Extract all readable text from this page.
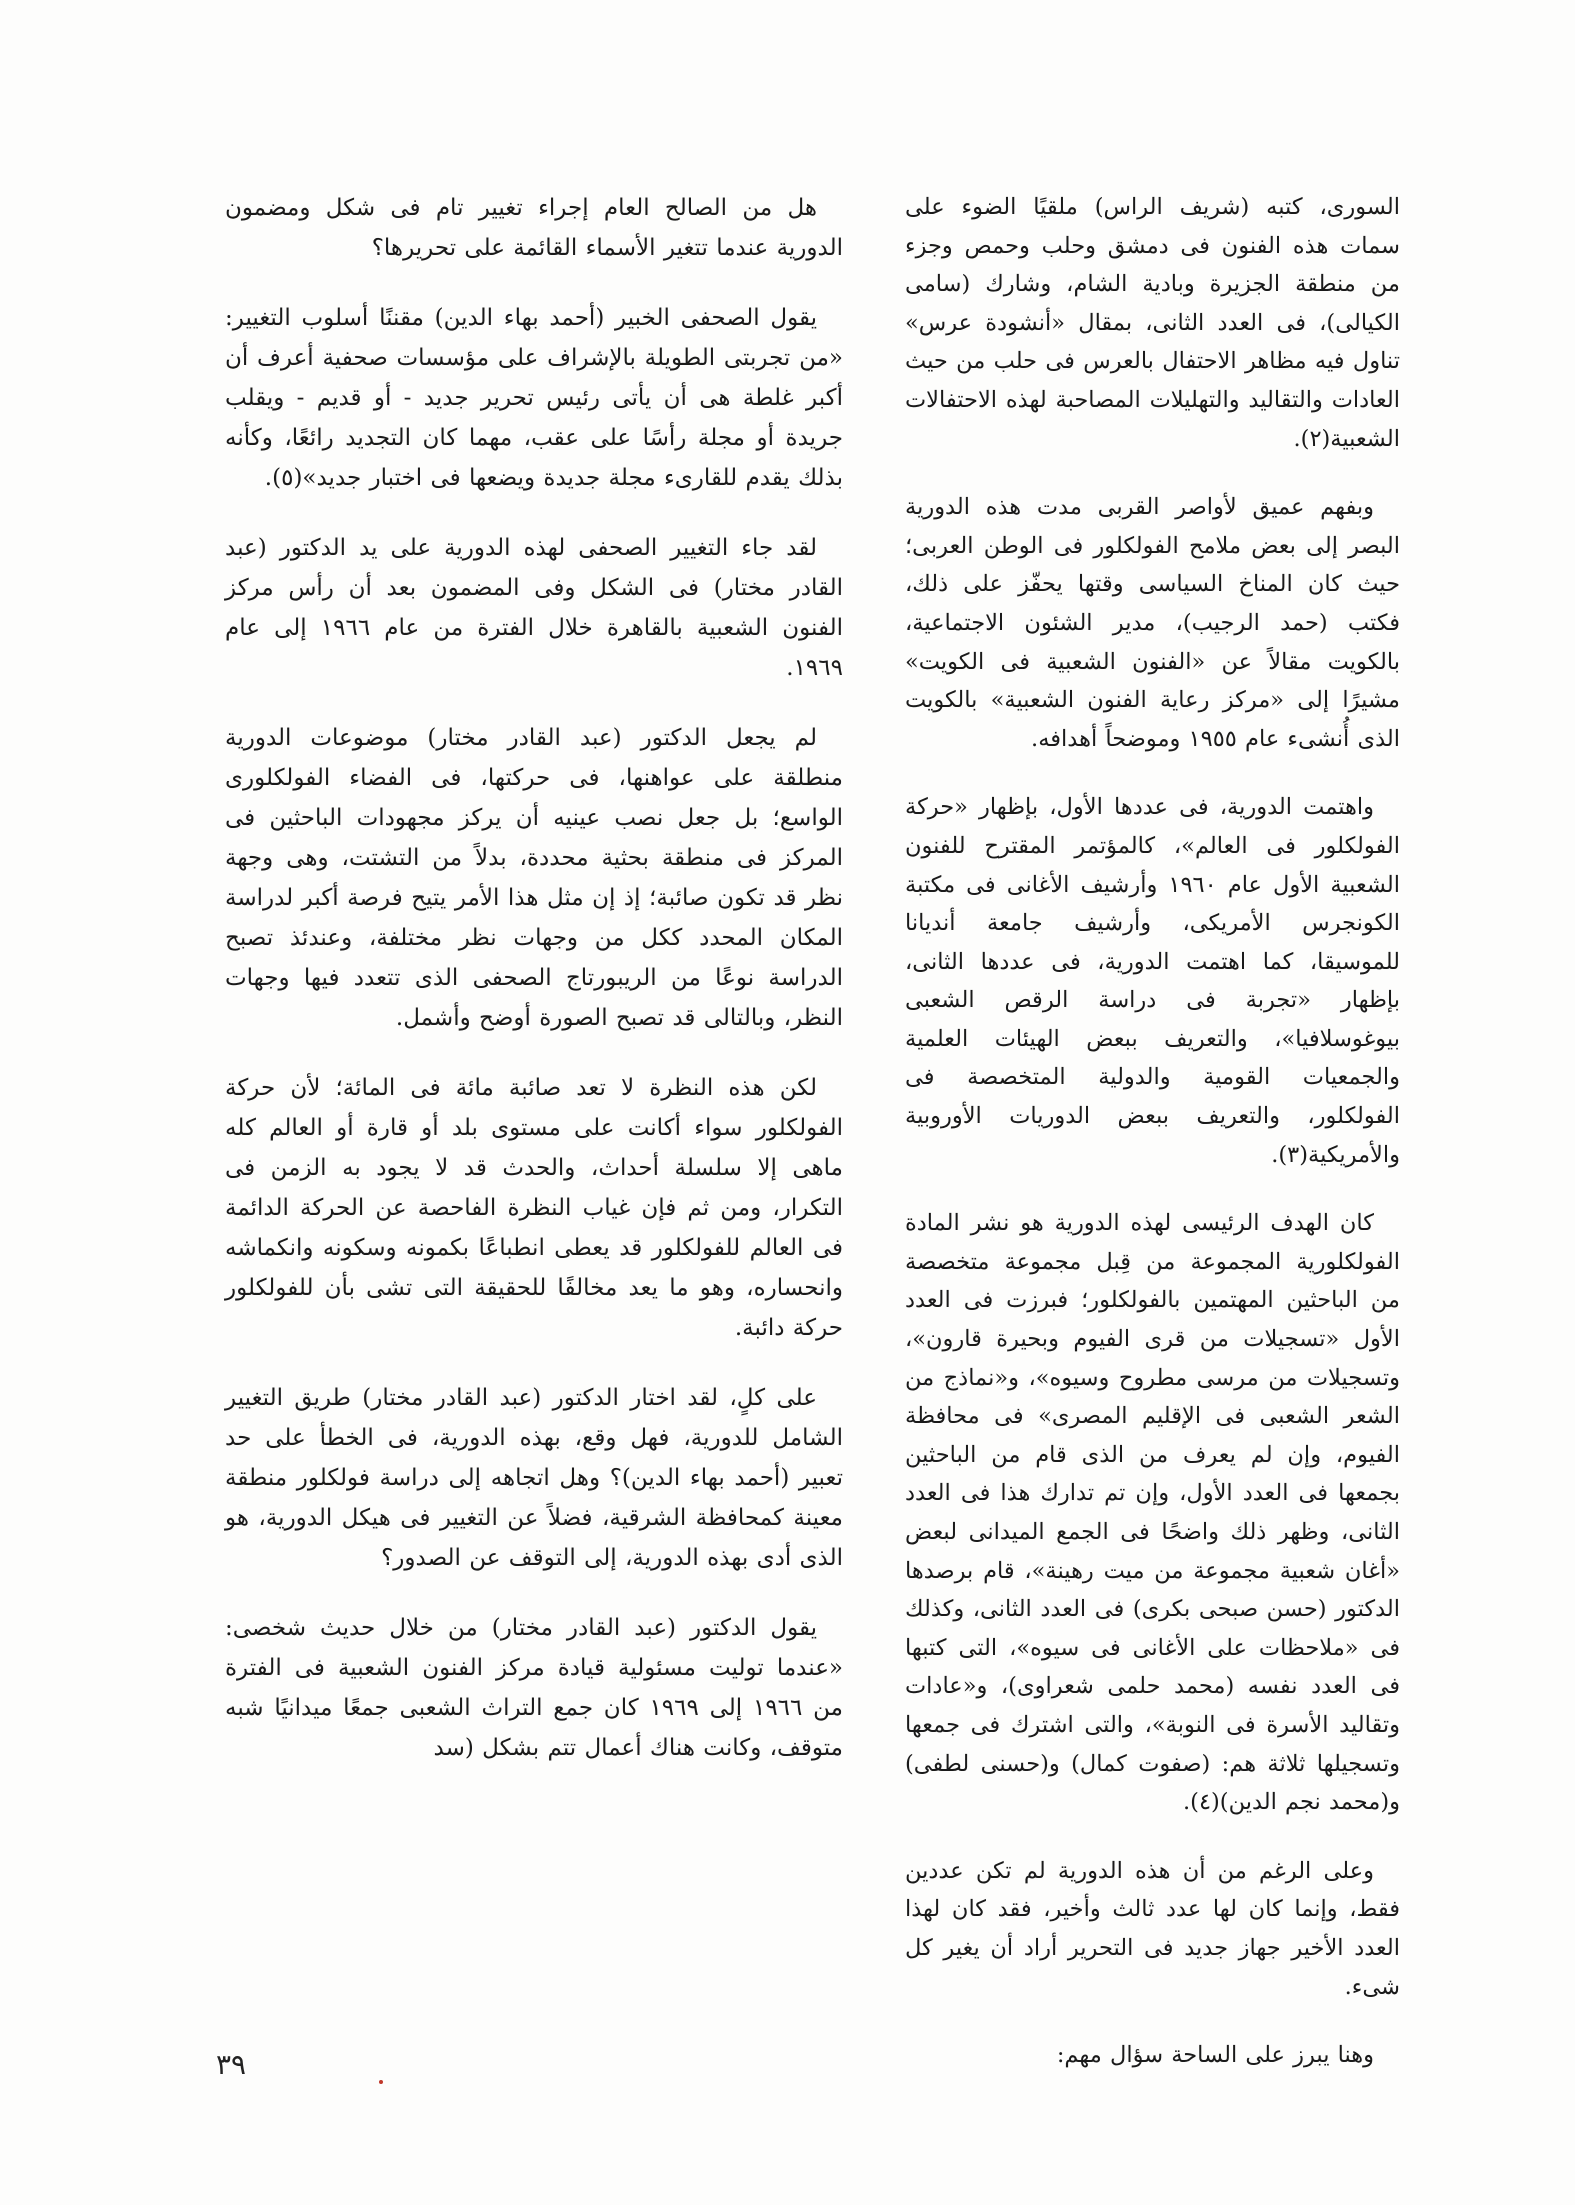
السورى، كتبه (شريف الراس) ملقيًا الضوء على سمات هذه الفنون فى دمشق وحلب وحمص وجزء من منطقة الجزيرة وبادية الشام، وشارك (سامى الكيالى)، فى العدد الثانى، بمقال «أنشودة عرس» تناول فيه مظاهر الاحتفال بالعرس فى حلب من حيث العادات والتقاليد والتهليلات المصاحبة لهذه الاحتفالات الشعبية(٢).

وبفهم عميق لأواصر القربى مدت هذه الدورية البصر إلى بعض ملامح الفولكلور فى الوطن العربى؛ حيث كان المناخ السياسى وقتها يحفّز على ذلك، فكتب (حمد الرجيب)، مدير الشئون الاجتماعية، بالكويت مقالاً عن «الفنون الشعبية فى الكويت» مشيرًا إلى «مركز رعاية الفنون الشعبية» بالكويت الذى أُنشىء عام ١٩٥٥ وموضحاً أهدافه.

واهتمت الدورية، فى عددها الأول، بإظهار «حركة الفولكلور فى العالم»، كالمؤتمر المقترح للفنون الشعبية الأول عام ١٩٦٠ وأرشيف الأغانى فى مكتبة الكونجرس الأمريكى، وأرشيف جامعة أنديانا للموسيقا، كما اهتمت الدورية، فى عددها الثانى، بإظهار «تجربة فى دراسة الرقص الشعبى بيوغوسلافيا»، والتعريف ببعض الهيئات العلمية والجمعيات القومية والدولية المتخصصة فى الفولكلور، والتعريف ببعض الدوريات الأوروبية والأمريكية(٣).

كان الهدف الرئيسى لهذه الدورية هو نشر المادة الفولكلورية المجموعة من قِبل مجموعة متخصصة من الباحثين المهتمين بالفولكلور؛ فبرزت فى العدد الأول «تسجيلات من قرى الفيوم وبحيرة قارون»، وتسجيلات من مرسى مطروح وسيوه»، و«نماذج من الشعر الشعبى فى الإقليم المصرى» فى محافظة الفيوم، وإن لم يعرف من الذى قام من الباحثين بجمعها فى العدد الأول، وإن تم تدارك هذا فى العدد الثانى، وظهر ذلك واضحًا فى الجمع الميدانى لبعض «أغان شعبية مجموعة من ميت رهينة»، قام برصدها الدكتور (حسن صبحى بكرى) فى العدد الثانى، وكذلك فى «ملاحظات على الأغانى فى سيوه»، التى كتبها فى العدد نفسه (محمد حلمى شعراوى)، و«عادات وتقاليد الأسرة فى النوبة»، والتى اشترك فى جمعها وتسجيلها ثلاثة هم: (صفوت كمال) و(حسنى لطفى) و(محمد نجم الدين)(٤).

وعلى الرغم من أن هذه الدورية لم تكن عددين فقط، وإنما كان لها عدد ثالث وأخير، فقد كان لهذا العدد الأخير جهاز جديد فى التحرير أراد أن يغير كل شىء.

وهنا يبرز على الساحة سؤال مهم:

هل من الصالح العام إجراء تغيير تام فى شكل ومضمون الدورية عندما تتغير الأسماء القائمة على تحريرها؟

يقول الصحفى الخبير (أحمد بهاء الدين) مقننًا أسلوب التغيير: «من تجربتى الطويلة بالإشراف على مؤسسات صحفية أعرف أن أكبر غلطة هى أن يأتى رئيس تحرير جديد - أو قديم - ويقلب جريدة أو مجلة رأسًا على عقب، مهما كان التجديد رائعًا، وكأنه بذلك يقدم للقارىء مجلة جديدة ويضعها فى اختبار جديد»(٥).

لقد جاء التغيير الصحفى لهذه الدورية على يد الدكتور (عبد القادر مختار) فى الشكل وفى المضمون بعد أن رأس مركز الفنون الشعبية بالقاهرة خلال الفترة من عام ١٩٦٦ إلى عام ١٩٦٩.

لم يجعل الدكتور (عبد القادر مختار) موضوعات الدورية منطلقة على عواهنها، فى حركتها، فى الفضاء الفولكلورى الواسع؛ بل جعل نصب عينيه أن يركز مجهودات الباحثين فى المركز فى منطقة بحثية محددة، بدلاً من التشتت، وهى وجهة نظر قد تكون صائبة؛ إذ إن مثل هذا الأمر يتيح فرصة أكبر لدراسة المكان المحدد ككل من وجهات نظر مختلفة، وعندئذ تصبح الدراسة نوعًا من الريبورتاج الصحفى الذى تتعدد فيها وجهات النظر، وبالتالى قد تصبح الصورة أوضح وأشمل.

لكن هذه النظرة لا تعد صائبة مائة فى المائة؛ لأن حركة الفولكلور سواء أكانت على مستوى بلد أو قارة أو العالم كله ماهى إلا سلسلة أحداث، والحدث قد لا يجود به الزمن فى التكرار، ومن ثم فإن غياب النظرة الفاحصة عن الحركة الدائمة فى العالم للفولكلور قد يعطى انطباعًا بكمونه وسكونه وانكماشه وانحساره، وهو ما يعد مخالفًا للحقيقة التى تشى بأن للفولكلور حركة دائبة.

على كلٍ، لقد اختار الدكتور (عبد القادر مختار) طريق التغيير الشامل للدورية، فهل وقع، بهذه الدورية، فى الخطأ على حد تعبير (أحمد بهاء الدين)؟ وهل اتجاهه إلى دراسة فولكلور منطقة معينة كمحافظة الشرقية، فضلاً عن التغيير فى هيكل الدورية، هو الذى أدى بهذه الدورية، إلى التوقف عن الصدور؟

يقول الدكتور (عبد القادر مختار) من خلال حديث شخصى: «عندما توليت مسئولية قيادة مركز الفنون الشعبية فى الفترة من ١٩٦٦ إلى ١٩٦٩ كان جمع التراث الشعبى جمعًا ميدانيًا شبه متوقف، وكانت هناك أعمال تتم بشكل (سد

٣٩
